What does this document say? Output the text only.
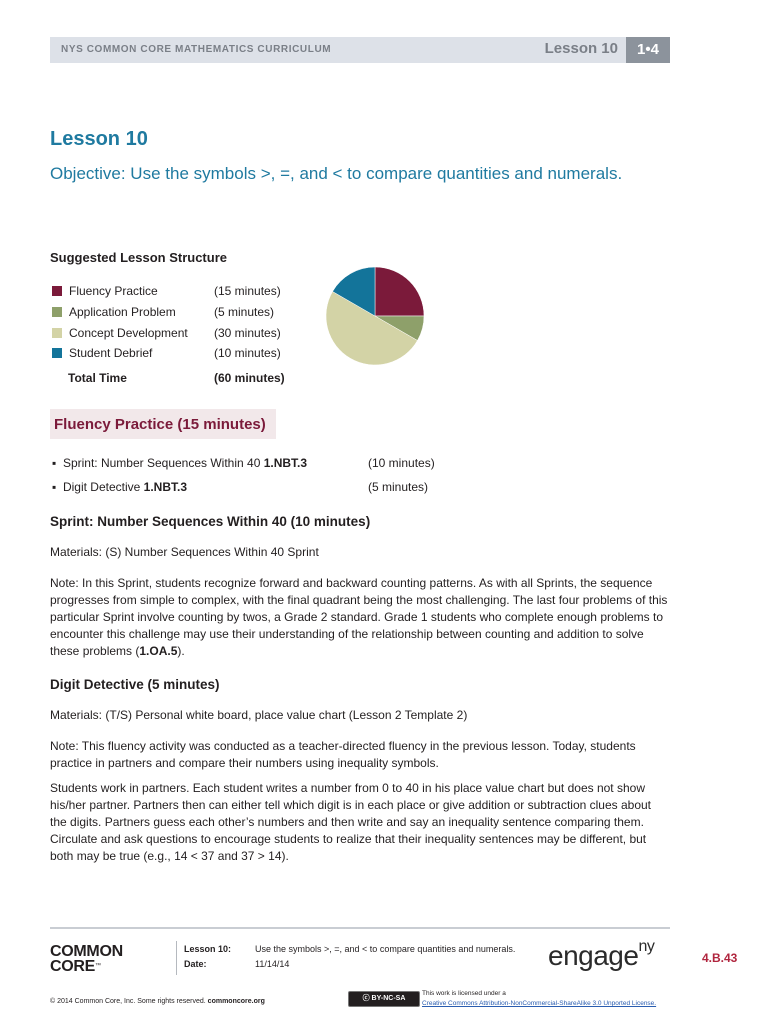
NYS COMMON CORE MATHEMATICS CURRICULUM	Lesson 10	1•4
Lesson 10
Objective: Use the symbols >, =, and < to compare quantities and numerals.
Suggested Lesson Structure
Fluency Practice	(15 minutes)
Application Problem	(5 minutes)
Concept Development (30 minutes)
Student Debrief	(10 minutes)
Total Time	(60 minutes)
Fluency Practice (15 minutes)
▪ Sprint: Number Sequences Within 40 1.NBT.3	(10 minutes)
▪ Digit Detective 1.NBT.3	(5 minutes)
Sprint: Number Sequences Within 40 (10 minutes)
Materials: (S) Number Sequences Within 40 Sprint
Note: In this Sprint, students recognize forward and backward counting patterns. As with all Sprints, the sequence progresses from simple to complex, with the final quadrant being the most challenging. The last four problems of this particular Sprint involve counting by twos, a Grade 2 standard. Grade 1 students who complete enough problems to encounter this challenge may use their understanding of the relationship between counting and addition to solve these problems (1.OA.5).
Digit Detective (5 minutes)
Materials: (T/S) Personal white board, place value chart (Lesson 2 Template 2)
Note: This fluency activity was conducted as a teacher-directed fluency in the previous lesson. Today, students practice in partners and compare their numbers using inequality symbols.
Students work in partners. Each student writes a number from 0 to 40 in his place value chart but does not show his/her partner. Partners then can either tell which digit is in each place or give addition or subtraction clues about the digits. Partners guess each other’s numbers and then write and say an inequality sentence comparing them. Circulate and ask questions to encourage students to realize that their inequality sentences may be different, but both may be true (e.g., 14 < 37 and 37 > 14).
COMMON
CORE™
Lesson 10:	Use the symbols >, =, and < to compare quantities and numerals.
Date:	11/14/14	engage$^{ny}$
4.B.43
© 2014 Common Core, Inc. Some rights reserved. commoncore.org	ⓒ BY-NC-SA
This work is licensed under a
Creative Commons Attribution-NonCommercial-ShareAlike 3.0 Unported License.
